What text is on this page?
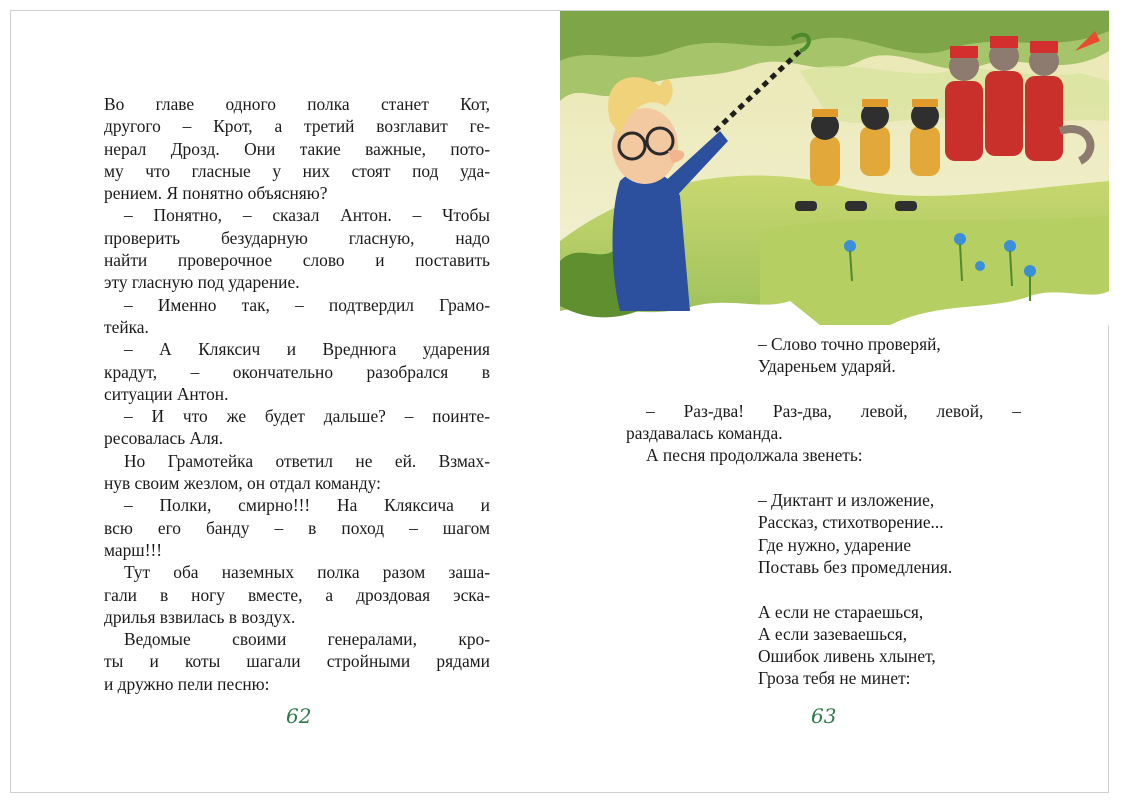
Во главе одного полка станет Кот,

другого – Крот, а третий возглавит ге-

нерал Дрозд. Они такие важные, пото-

му что гласные у них стоят под уда-

рением. Я понятно объясняю?

– Понятно, – сказал Антон. – Чтобы

проверить безударную гласную, надо

найти проверочное слово и поставить

эту гласную под ударение.

– Именно так, – подтвердил Грамо-

тейка.

– А Кляксич и Вреднюга ударения

крадут, – окончательно разобрался в

ситуации Антон.

– И что же будет дальше? – поинте-

ресовалась Аля.

Но Грамотейка ответил не ей. Взмах-

нув своим жезлом, он отдал команду:

– Полки, смирно!!! На Кляксича и

всю его банду – в поход – шагом

марш!!!

Тут оба наземных полка разом заша-

гали в ногу вместе, а дроздовая эска-

дрилья взвилась в воздух.

Ведомые своими генералами, кро-

ты и коты шагали стройными рядами

и дружно пели песню:

62

– Слово точно проверяй,

Удареньем ударяй.

– Раз-два! Раз-два, левой, левой, –

раздавалась команда.

А песня продолжала звенеть:

– Диктант и изложение,

Рассказ, стихотворение...

Где нужно, ударение

Поставь без промедления.

А если не стараешься,

А если зазеваешься,

Ошибок ливень хлынет,

Гроза тебя не минет:

63
